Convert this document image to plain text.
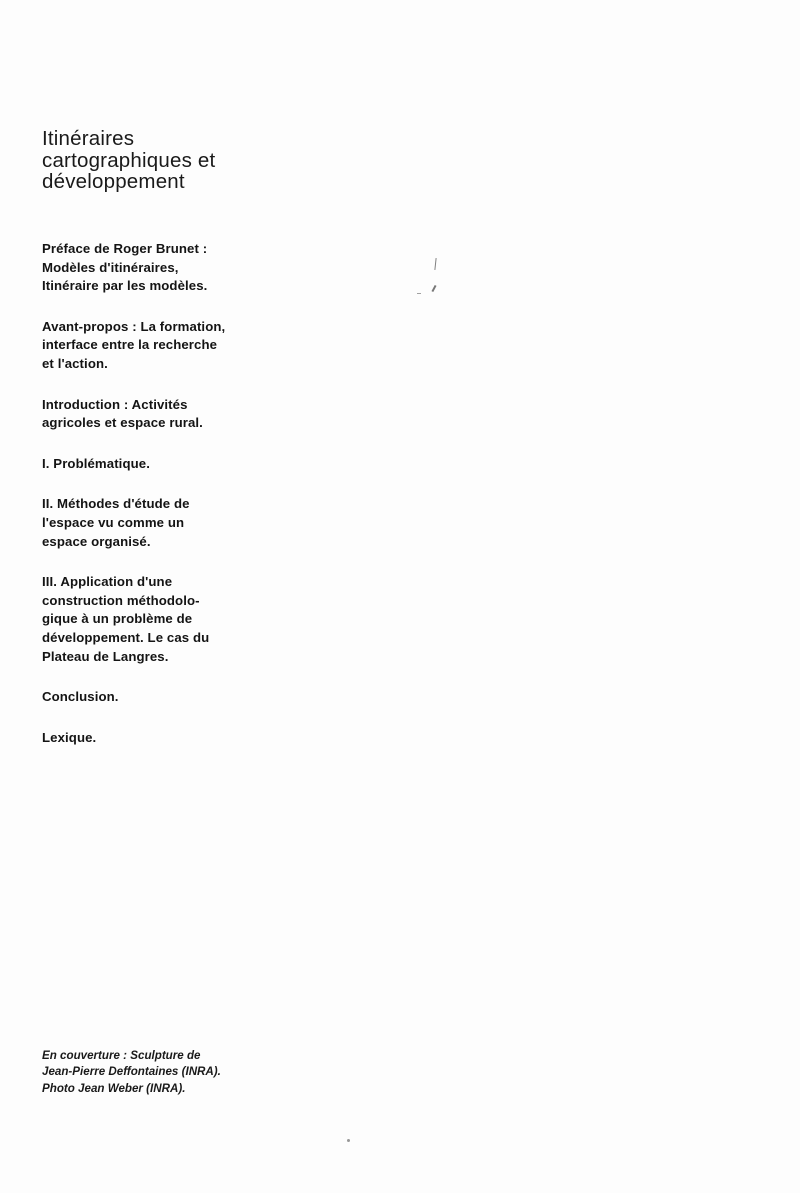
Itinéraires
cartographiques et
développement
Préface de Roger Brunet :
Modèles d'itinéraires,
Itinéraire par les modèles.
Avant-propos : La formation,
interface entre la recherche
et l'action.
Introduction : Activités
agricoles et espace rural.
I. Problématique.
II. Méthodes d'étude de
l'espace vu comme un
espace organisé.
III. Application d'une
construction méthodolo-
gique à un problème de
développement. Le cas du
Plateau de Langres.
Conclusion.
Lexique.
En couverture : Sculpture de
Jean-Pierre Deffontaines (INRA).
Photo Jean Weber (INRA).
